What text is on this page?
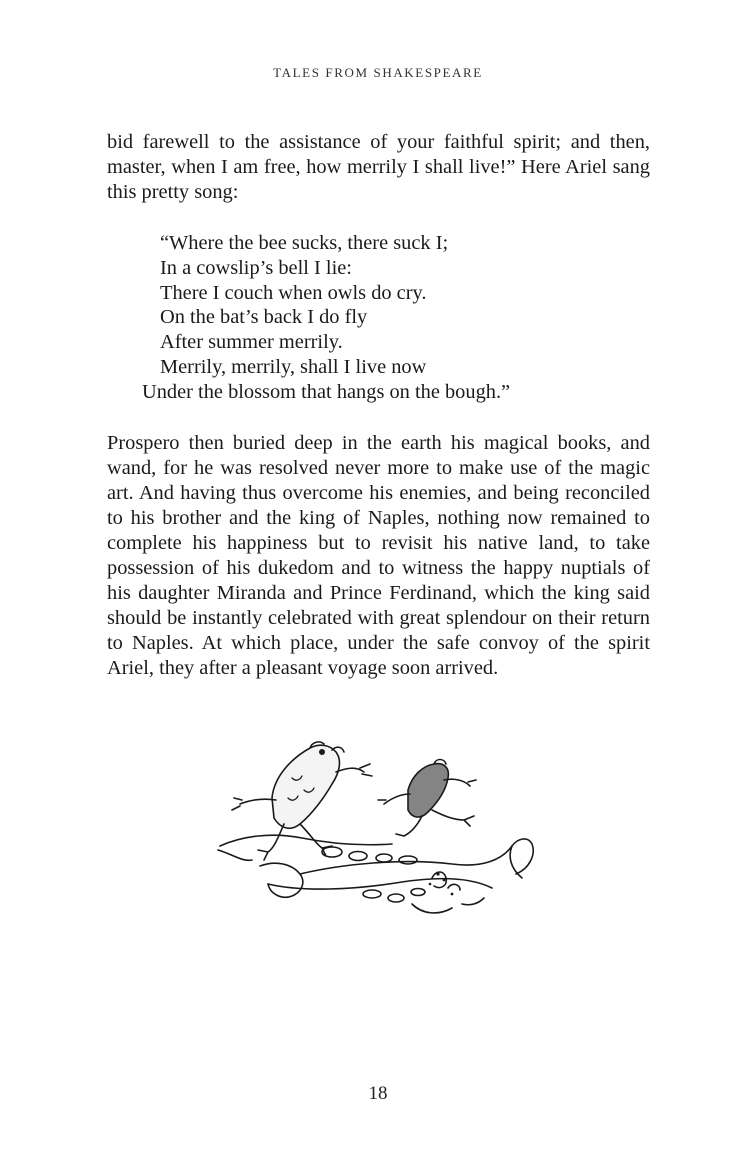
TALES FROM SHAKESPEARE

bid farewell to the assistance of your faithful spirit; and then, master, when I am free, how merrily I shall live!” Here Ariel sang this pretty song:

“Where the bee sucks, there suck I;
In a cowslip’s bell I lie:
There I couch when owls do cry.
On the bat’s back I do fly
After summer merrily.
Merrily, merrily, shall I live now
Under the blossom that hangs on the bough.”

Prospero then buried deep in the earth his magical books, and wand, for he was resolved never more to make use of the magic art. And having thus overcome his enemies, and being reconciled to his brother and the king of Naples, nothing now remained to complete his happiness but to revisit his native land, to take possession of his dukedom and to witness the happy nuptials of his daughter Miranda and Prince Ferdinand, which the king said should be instantly celebrated with great splendour on their return to Naples. At which place, under the safe convoy of the spirit Ariel, they after a pleasant voyage soon arrived.

18
